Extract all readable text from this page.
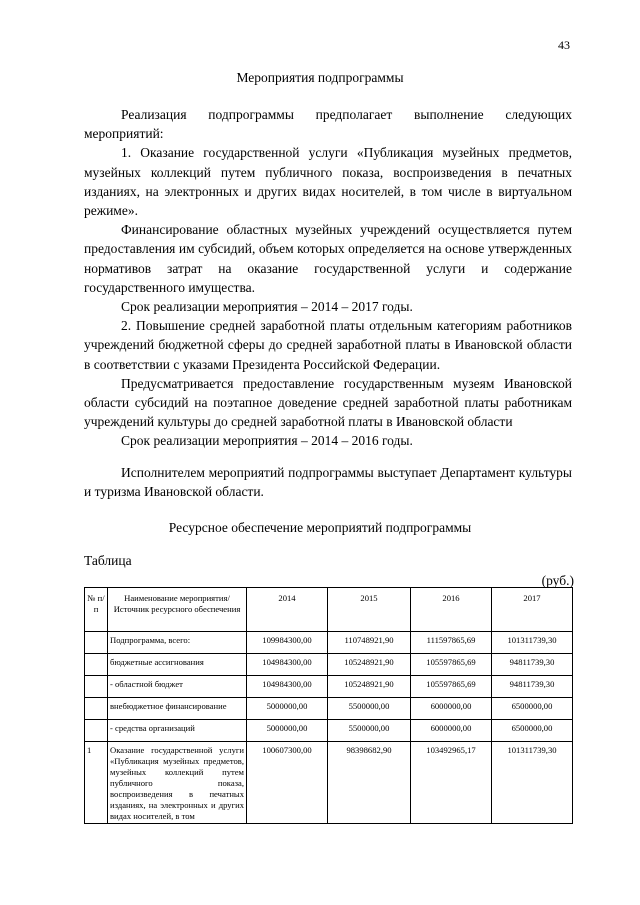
43
Мероприятия подпрограммы

Реализация подпрограммы предполагает выполнение следующих мероприятий:

1. Оказание государственной услуги «Публикация музейных предметов, музейных коллекций путем публичного показа, воспроизведения в печатных изданиях, на электронных и других видах носителей, в том числе в виртуальном режиме».

Финансирование областных музейных учреждений осуществляется путем предоставления им субсидий, объем которых определяется на основе утвержденных нормативов затрат на оказание государственной услуги и содержание государственного имущества.

Срок реализации мероприятия – 2014 – 2017 годы.

2. Повышение средней заработной платы отдельным категориям работников учреждений бюджетной сферы до средней заработной платы в Ивановской области в соответствии с указами Президента Российской Федерации.

Предусматривается предоставление государственным музеям Ивановской области субсидий на поэтапное доведение средней заработной платы работникам учреждений культуры до средней заработной платы в Ивановской области

Срок реализации мероприятия – 2014 – 2016 годы.

Исполнителем мероприятий подпрограммы выступает Департамент культуры и туризма Ивановской области.

Ресурсное обеспечение мероприятий подпрограммы
Таблица
(руб.)
№ п/п	Наименование мероприятия/Источник ресурсного обеспечения	2014	2015	2016	2017
	Подпрограмма, всего:	109984300,00	110748921,90	111597865,69	101311739,30
	бюджетные ассигнования	104984300,00	105248921,90	105597865,69	94811739,30
	- областной бюджет	104984300,00	105248921,90	105597865,69	94811739,30
	внебюджетное финансирование	5000000,00	5500000,00	6000000,00	6500000,00
	- средства организаций	5000000,00	5500000,00	6000000,00	6500000,00
1	Оказание государственной услуги «Публикация музейных предметов, музейных коллекций путем публичного показа, воспроизведения в печатных изданиях, на электронных и других видах носителей, в том	100607300,00	98398682,90	103492965,17	101311739,30
